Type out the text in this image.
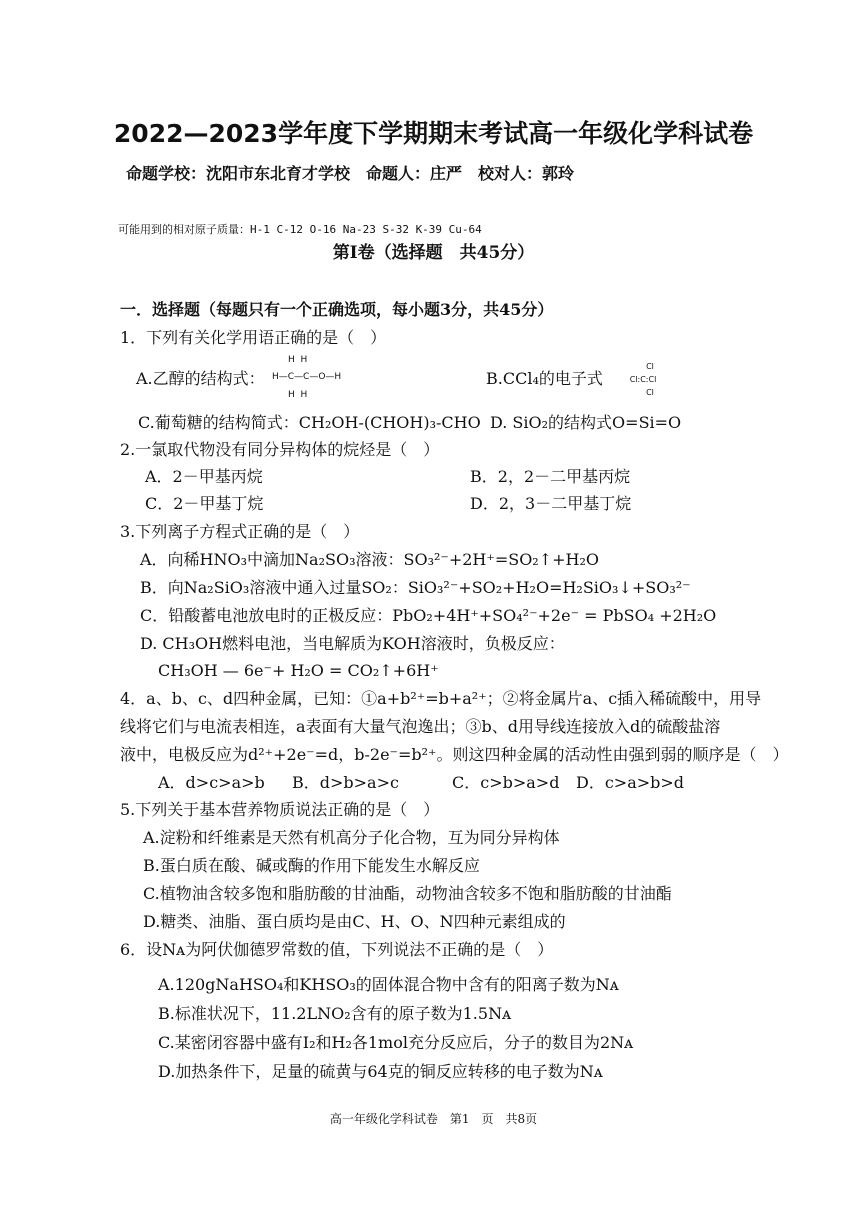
2022—2023学年度下学期期末考试高一年级化学科试卷
命题学校：沈阳市东北育才学校　命题人：庄严　校对人：郭玲
可能用到的相对原子质量：H-1 C-12 O-16 Na-23 S-32 K-39 Cu-64
第Ⅰ卷（选择题　共45分）
一．选择题（每题只有一个正确选项，每小题3分，共45分）
1．下列有关化学用语正确的是（　）
A.乙醇的结构式：
H  H
H—C—C—O—H
H  H
B.CCl₄的电子式
Cl
Cl:C:Cl
Cl
C.葡萄糖的结构简式：CH₂OH-(CHOH)₃-CHO D. SiO₂的结构式O=Si=O
2.一氯取代物没有同分异构体的烷烃是（　）
A．2－甲基丙烷	B．2，2－二甲基丙烷
C．2－甲基丁烷	D．2，3－二甲基丁烷
3.下列离子方程式正确的是（　）
A．向稀HNO₃中滴加Na₂SO₃溶液：SO₃²⁻+2H⁺=SO₂↑+H₂O
B．向Na₂SiO₃溶液中通入过量SO₂：SiO₃²⁻+SO₂+H₂O=H₂SiO₃↓+SO₃²⁻
C．铅酸蓄电池放电时的正极反应：PbO₂+4H⁺+SO₄²⁻+2e⁻ = PbSO₄ +2H₂O
D. CH₃OH燃料电池，当电解质为KOH溶液时，负极反应：
CH₃OH — 6e⁻+ H₂O = CO₂↑+6H⁺
4．a、b、c、d四种金属，已知：①a+b²⁺=b+a²⁺；②将金属片a、c插入稀硫酸中，用导
线将它们与电流表相连，a表面有大量气泡逸出；③b、d用导线连接放入d的硫酸盐溶
液中，电极反应为d²⁺+2e⁻=d，b-2e⁻=b²⁺。则这四种金属的活动性由强到弱的顺序是（　）
A．d>c>a>b B．d>b>a>c	C．c>b>a>d D．c>a>b>d
5.下列关于基本营养物质说法正确的是（　）
A.淀粉和纤维素是天然有机高分子化合物，互为同分异构体
B.蛋白质在酸、碱或酶的作用下能发生水解反应
C.植物油含较多饱和脂肪酸的甘油酯，动物油含较多不饱和脂肪酸的甘油酯
D.糖类、油脂、蛋白质均是由C、H、O、N四种元素组成的
6．设Nᴀ为阿伏伽德罗常数的值，下列说法不正确的是（　）
A.120gNaHSO₄和KHSO₃的固体混合物中含有的阳离子数为Nᴀ
B.标准状况下，11.2LNO₂含有的原子数为1.5Nᴀ
C.某密闭容器中盛有I₂和H₂各1mol充分反应后，分子的数目为2Nᴀ
D.加热条件下，足量的硫黄与64克的铜反应转移的电子数为Nᴀ
高一年级化学科试卷　第1　页　共8页
